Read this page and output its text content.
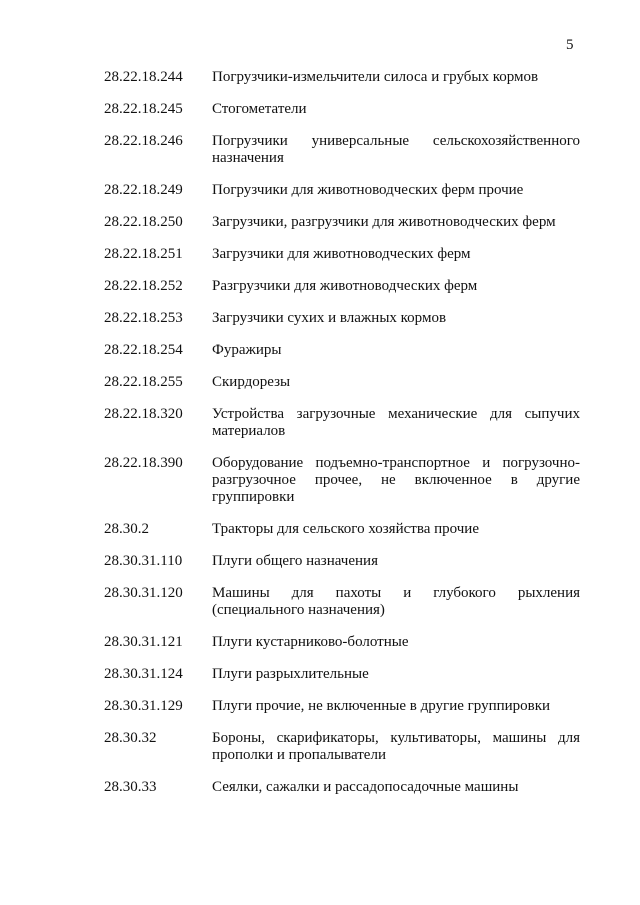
5
28.22.18.244	Погрузчики-измельчители силоса и грубых кормов
28.22.18.245	Стогометатели
28.22.18.246	Погрузчики универсальные сельскохозяйственного назначения
28.22.18.249	Погрузчики для животноводческих ферм прочие
28.22.18.250	Загрузчики, разгрузчики для животноводческих ферм
28.22.18.251	Загрузчики для животноводческих ферм
28.22.18.252	Разгрузчики для животноводческих ферм
28.22.18.253	Загрузчики сухих и влажных кормов
28.22.18.254	Фуражиры
28.22.18.255	Скирдорезы
28.22.18.320	Устройства загрузочные механические для сыпучих материалов
28.22.18.390	Оборудование подъемно-транспортное и погрузочно-разгрузочное прочее, не включенное в другие группировки
28.30.2	Тракторы для сельского хозяйства прочие
28.30.31.110	Плуги общего назначения
28.30.31.120	Машины для пахоты и глубокого рыхления (специального назначения)
28.30.31.121	Плуги кустарниково-болотные
28.30.31.124	Плуги разрыхлительные
28.30.31.129	Плуги прочие, не включенные в другие группировки
28.30.32	Бороны, скарификаторы, культиваторы, машины для прополки и пропалыватели
28.30.33	Сеялки, сажалки и рассадопосадочные машины
